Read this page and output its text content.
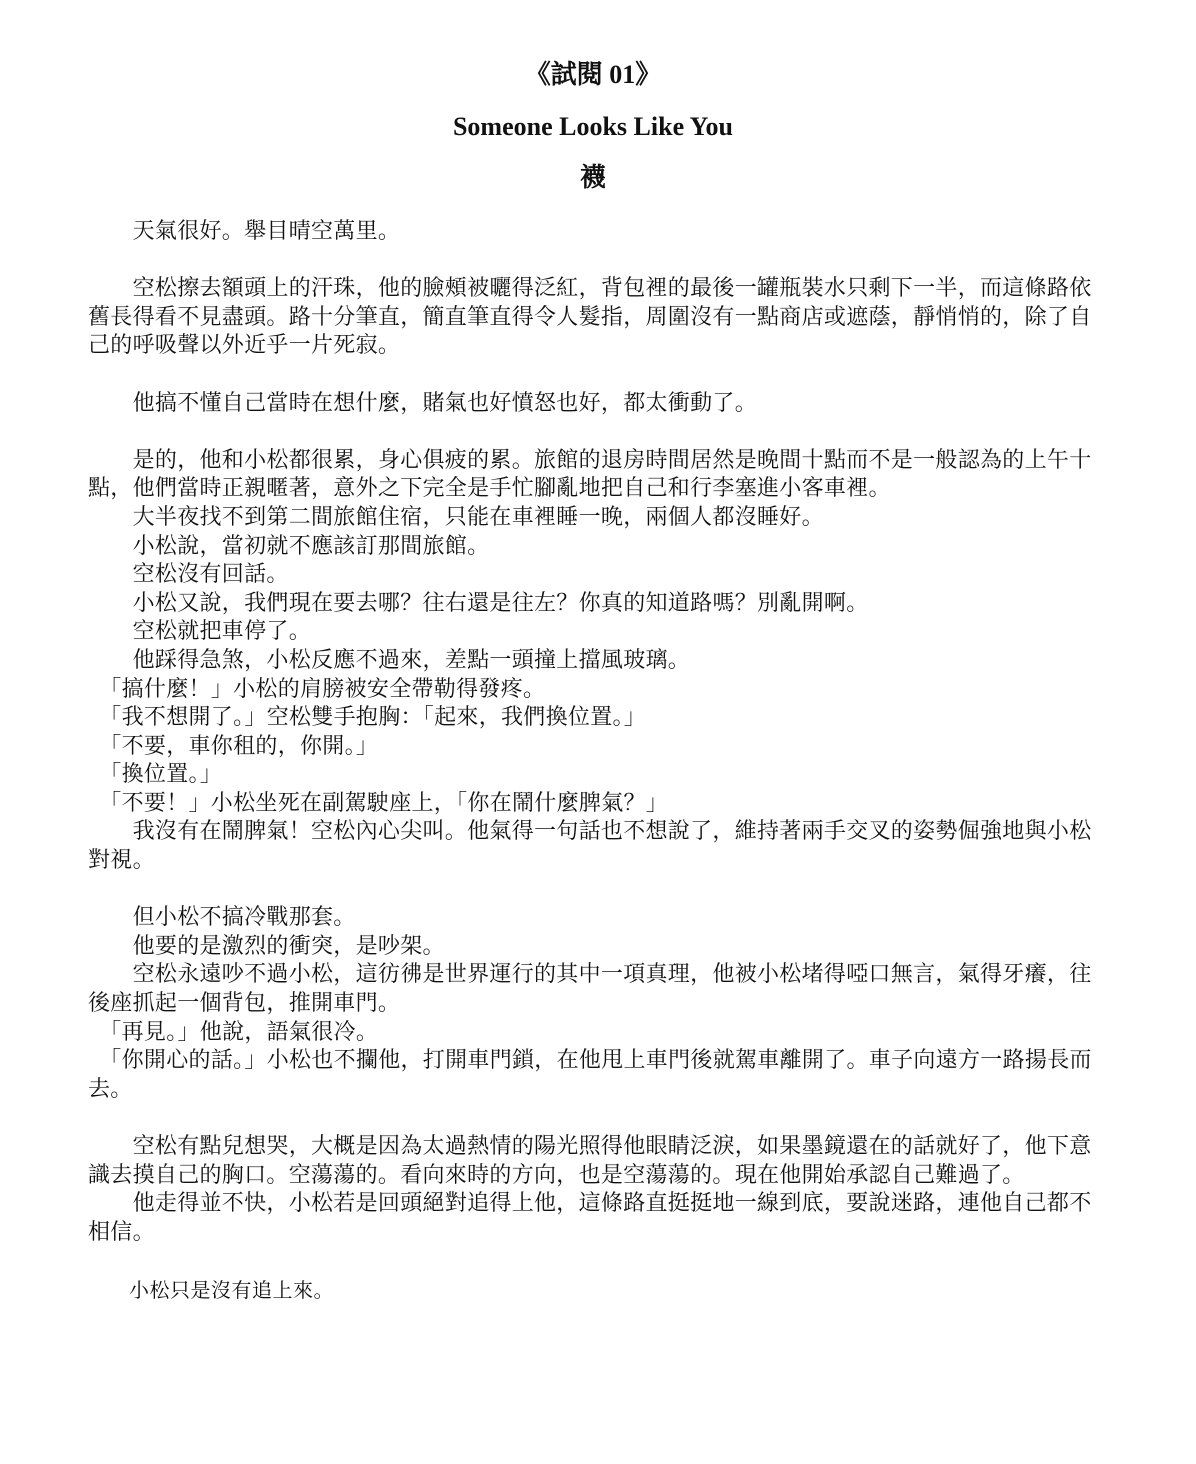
《試閱 01》
Someone Looks Like You
襪

　　天氣很好。舉目晴空萬里。

　　空松擦去額頭上的汗珠，他的臉頰被曬得泛紅，背包裡的最後一罐瓶裝水只剩下一半，而這條路依舊長得看不見盡頭。路十分筆直，簡直筆直得令人髮指，周圍沒有一點商店或遮蔭，靜悄悄的，除了自己的呼吸聲以外近乎一片死寂。

　　他搞不懂自己當時在想什麼，賭氣也好憤怒也好，都太衝動了。

　　是的，他和小松都很累，身心俱疲的累。旅館的退房時間居然是晚間十點而不是一般認為的上午十點，他們當時正親暱著，意外之下完全是手忙腳亂地把自己和行李塞進小客車裡。

　　大半夜找不到第二間旅館住宿，只能在車裡睡一晚，兩個人都沒睡好。

　　小松說，當初就不應該訂那間旅館。

　　空松沒有回話。

　　小松又說，我們現在要去哪？往右還是往左？你真的知道路嗎？別亂開啊。

　　空松就把車停了。

　　他踩得急煞，小松反應不過來，差點一頭撞上擋風玻璃。

　「搞什麼！」小松的肩膀被安全帶勒得發疼。

　「我不想開了。」空松雙手抱胸：「起來，我們換位置。」

　「不要，車你租的，你開。」

　「換位置。」

　「不要！」小松坐死在副駕駛座上，「你在鬧什麼脾氣？」

　　我沒有在鬧脾氣！空松內心尖叫。他氣得一句話也不想說了，維持著兩手交叉的姿勢倔強地與小松對視。

　　但小松不搞冷戰那套。

　　他要的是激烈的衝突，是吵架。

　　空松永遠吵不過小松，這彷彿是世界運行的其中一項真理，他被小松堵得啞口無言，氣得牙癢，往後座抓起一個背包，推開車門。

　「再見。」他說，語氣很冷。

　「你開心的話。」小松也不攔他，打開車門鎖，在他甩上車門後就駕車離開了。車子向遠方一路揚長而去。

　　空松有點兒想哭，大概是因為太過熱情的陽光照得他眼睛泛淚，如果墨鏡還在的話就好了，他下意識去摸自己的胸口。空蕩蕩的。看向來時的方向，也是空蕩蕩的。現在他開始承認自己難過了。

　　他走得並不快，小松若是回頭絕對追得上他，這條路直挺挺地一線到底，要說迷路，連他自己都不相信。

　　小松只是沒有追上來。
